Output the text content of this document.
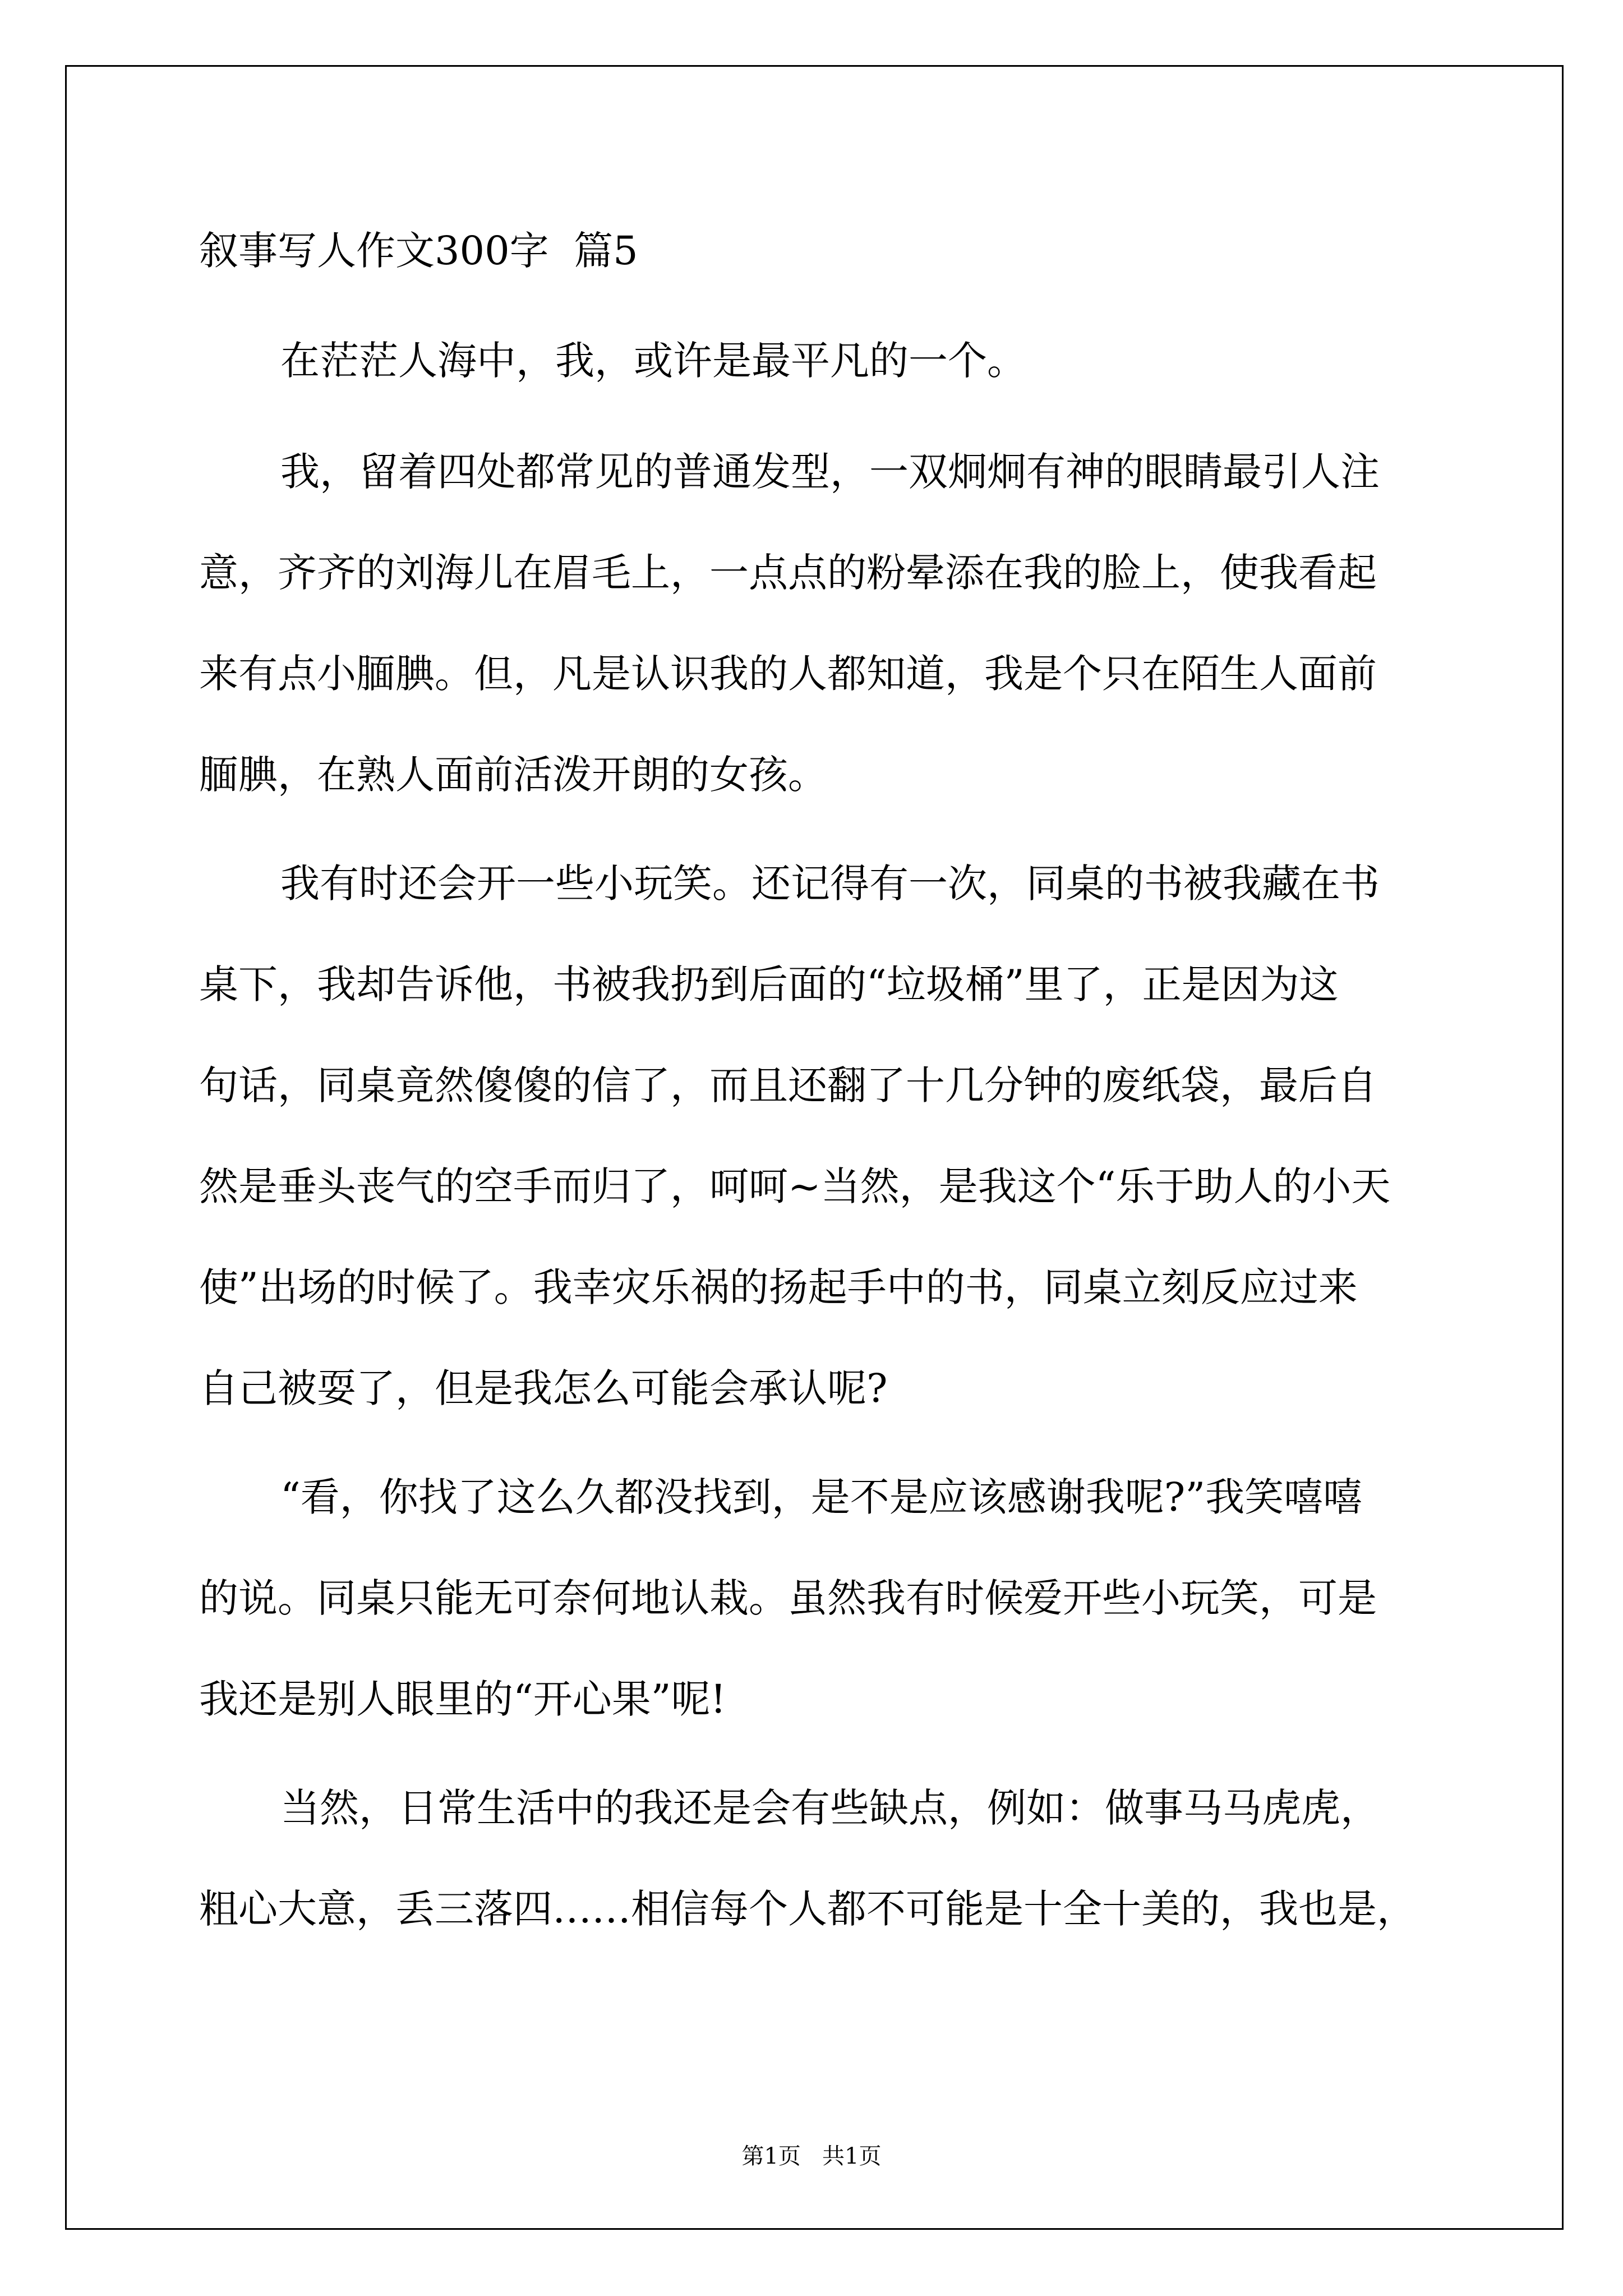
叙事写人作文300字  篇5
在茫茫人海中，我，或许是最平凡的一个。
我，留着四处都常见的普通发型，一双炯炯有神的眼睛最引人注
意，齐齐的刘海儿在眉毛上，一点点的粉晕添在我的脸上，使我看起
来有点小腼腆。但，凡是认识我的人都知道，我是个只在陌生人面前
腼腆，在熟人面前活泼开朗的女孩。
我有时还会开一些小玩笑。还记得有一次，同桌的书被我藏在书
桌下，我却告诉他，书被我扔到后面的“垃圾桶”里了，正是因为这
句话，同桌竟然傻傻的信了，而且还翻了十几分钟的废纸袋，最后自
然是垂头丧气的空手而归了，呵呵~当然，是我这个“乐于助人的小天
使”出场的时候了。我幸灾乐祸的扬起手中的书，同桌立刻反应过来
自己被耍了，但是我怎么可能会承认呢?
“看，你找了这么久都没找到，是不是应该感谢我呢?”我笑嘻嘻
的说。同桌只能无可奈何地认栽。虽然我有时候爱开些小玩笑，可是
我还是别人眼里的“开心果”呢!
当然，日常生活中的我还是会有些缺点，例如：做事马马虎虎，
粗心大意，丢三落四……相信每个人都不可能是十全十美的，我也是，
第1页   共1页
